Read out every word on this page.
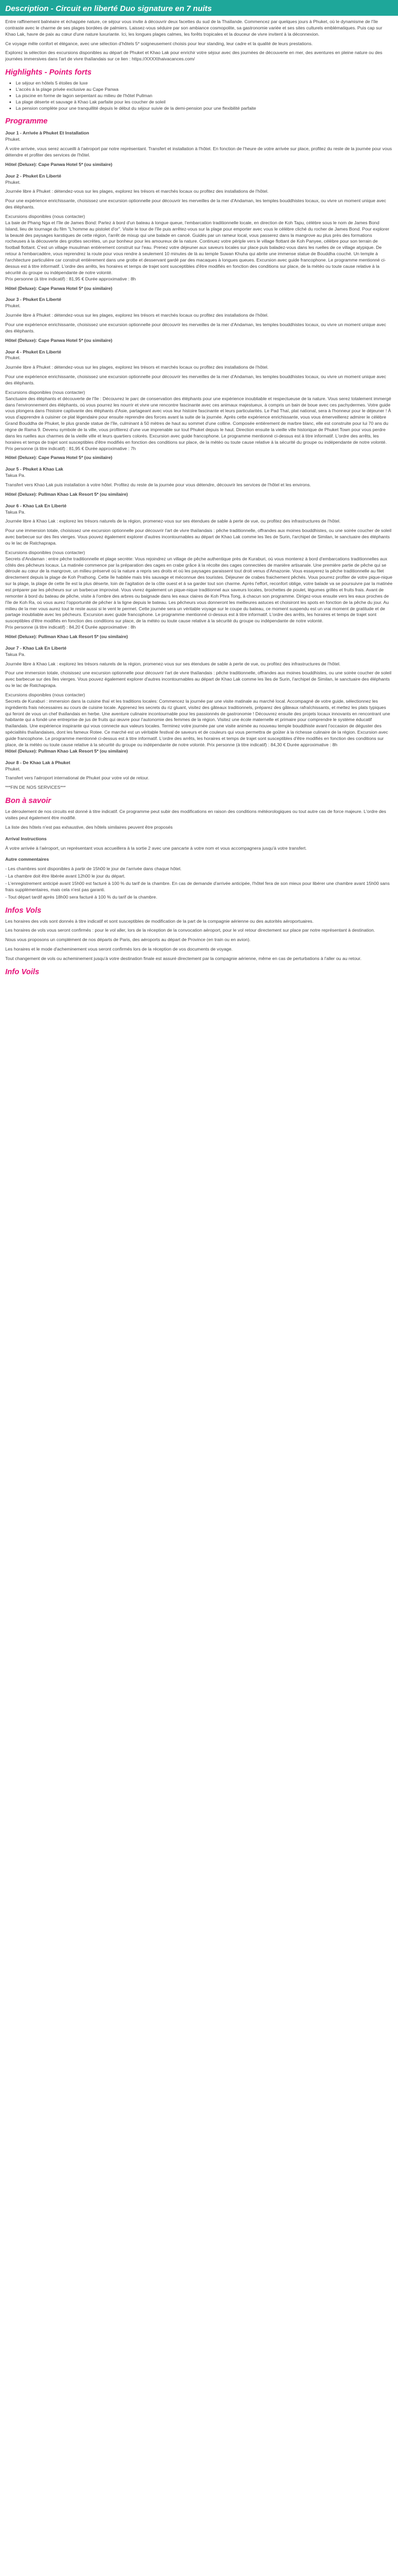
Description - Circuit en liberté Duo signature en 7 nuits

Entre raffinement balnéaire et échappée nature, ce séjour vous invite à découvrir deux facettes du sud de la Thaïlande. Commencez par quelques jours à Phuket, où le dynamisme de l'île contraste avec le charme de ses plages bordées de palmiers. Laissez-vous séduire par son ambiance cosmopolite, sa gastronomie variée et ses sites culturels emblématiques. Puis cap sur Khao Lak, havre de paix au cœur d'une nature luxuriante. Ici, les longues plages calmes, les forêts tropicales et la douceur de vivre invitent à la déconnexion.

Ce voyage mêle confort et élégance, avec une sélection d'hôtels 5* soigneusement choisis pour leur standing, leur cadre et la qualité de leurs prestations.

Explorez la sélection des excursions disponibles au départ de Phuket et Khao Lak pour enrichir votre séjour avec des journées de découverte en mer, des aventures en pleine nature ou des journées immersives dans l'art de vivre thaïlandais sur ce lien : https://XXXXthaivacances.com/

Highlights - Points forts
• Le séjour en hôtels 5 étoiles de luxe
• L'accès à la plage privée exclusive au Cape Panwa
• La piscine en forme de lagon serpentant au milieu de l'hôtel Pullman
• La plage déserte et sauvage à Khao Lak parfaite pour les coucher de soleil
• La pension complète pour une tranquillité depuis le début du séjour suivie de la demi-pension pour une flexibilité parfaite
Programme

Jour 1 - Arrivée à Phuket Et Installation

Phuket.

À votre arrivée, vous serez accueilli à l'aéroport par notre représentant. Transfert et installation à l'hôtel. En fonction de l'heure de votre arrivée sur place, profitez du reste de la journée pour vous détendre et profiter des services de l'hôtel.

Hôtel (Deluxe): Cape Panwa Hotel 5* (ou similaire)

Jour 2 - Phuket En Liberté

Phuket.

Journée libre à Phuket : détendez-vous sur les plages, explorez les trésors et marchés locaux ou profitez des installations de l'hôtel.

Pour une expérience enrichissante, choisissez une excursion optionnelle pour découvrir les merveilles de la mer d'Andaman, les temples bouddhistes locaux, ou vivre un moment unique avec des éléphants.

Excursions disponibles (nous contacter)

La baie de Phang Nga et l'île de James Bond: Partez à bord d'un bateau à longue queue, l'embarcation traditionnelle locale, en direction de Koh Tapu, célèbre sous le nom de James Bond Island, lieu de tournage du film "L'homme au pistolet d'or". Visite le tour de l'île puis arrêtez-vous sur la plage pour emporter avec vous le célèbre cliché du rocher de James Bond. Pour explorer la beauté des paysages karstiques de cette région, l'arrêt de mixup qui une balade en canoë. Guidés par un rameur local, vous passerez dans la mangrove au plus près des formations rocheuses à la découverte des grottes secrètes, un pur bonheur pour les amoureux de la nature. Continuez votre périple vers le village flottant de Koh Panyee, célèbre pour son terrain de football flottant. C'est un village musulman entièrement construit sur l'eau. Prenez votre déjeuner aux saveurs locales sur place puis baladez-vous dans les ruelles de ce village atypique. De retour à l'embarcadère, vous reprendrez la route pour vous rendre à seulement 10 minutes de là au temple Suwan Khuha qui abrite une immense statue de Bouddha couché. Un temple à l'architecture particulière car construit entièrement dans une grotte et desservant gardé par des macaques à longues queues. Excursion avec guide francophone. Le programme mentionné ci-dessus est à titre informatif. L'ordre des arrêts, les horaires et temps de trajet sont susceptibles d'être modifiés en fonction des conditions sur place, de la météo ou toute cause relative à la sécurité du groupe ou indépendante de notre volonté.

Prix personne (à titre indicatif) : 81,95 € Durée approximative : 8h

Hôtel (Deluxe): Cape Panwa Hotel 5* (ou similaire)

Jour 3 - Phuket En Liberté

Phuket.

Journée libre à Phuket : détendez-vous sur les plages, explorez les trésors et marchés locaux ou profitez des installations de l'hôtel.

Pour une expérience enrichissante, choisissez une excursion optionnelle pour découvrir les merveilles de la mer d'Andaman, les temples bouddhistes locaux, ou vivre un moment unique avec des éléphants.

Hôtel (Deluxe): Cape Panwa Hotel 5* (ou similaire)

Jour 4 - Phuket En Liberté

Phuket.

Journée libre à Phuket : détendez-vous sur les plages, explorez les trésors et marchés locaux ou profitez des installations de l'hôtel.

Pour une expérience enrichissante, choisissez une excursion optionnelle pour découvrir les merveilles de la mer d'Andaman, les temples bouddhistes locaux, ou vivre un moment unique avec des éléphants.

Excursions disponibles (nous contacter)

Sanctuaire des éléphants et découverte de l'île : Découvrez le parc de conservation des éléphants pour une expérience inoubliable et respectueuse de la nature. Vous serez totalement immergé dans l'environnement des éléphants, où vous pourrez les nourrir et vivre une rencontre fascinante avec ces animaux majestueux, à compris un bain de boue avec ces pachydermes. Votre guide vous plongera dans l'histoire captivante des éléphants d'Asie, partageant avec vous leur histoire fascinante et leurs particularités. Le Pad Thaï, plat national, sera à l'honneur pour le déjeuner ! À vous d'apprendre à cuisiner ce plat légendaire pour ensuite reprendre des forces avant la suite de la journée. Après cette expérience enrichissante, vous vous émerveillerez admirer le célèbre Grand Bouddha de Phuket, le plus grande statue de l'île, culminant à 50 mètres de haut au sommet d'une colline. Composée entièrement de marbre blanc, elle est construite pour lui 70 ans du règne de Rama 9. Devenu symbole de la ville, vous profiterez d'une vue imprenable sur tout Phuket depuis le haut. Direction ensuite la vieille ville historique de Phuket Town pour vous perdre dans les ruelles aux charmes de la vieille ville et leurs quartiers colorés. Excursion avec guide francophone. Le programme mentionné ci-dessus est à titre informatif. L'ordre des arrêts, les horaires et temps de trajet sont susceptibles d'être modifiés en fonction des conditions sur place, de la météo ou toute cause relative à la sécurité du groupe ou indépendante de notre volonté.

Prix personne (à titre indicatif) : 81,95 € Durée approximative : 7h

Hôtel (Deluxe): Cape Panwa Hotel 5* (ou similaire)

Jour 5 - Phuket à Khao Lak

Takua Pa.

Transfert vers Khao Lak puis installation à votre hôtel. Profitez du reste de la journée pour vous détendre, découvrir les services de l'hôtel et les environs.

Hôtel (Deluxe): Pullman Khao Lak Resort 5* (ou similaire)

Jour 6 - Khao Lak En Liberté

Takua Pa.

Journée libre à Khao Lak : explorez les trésors naturels de la région, promenez-vous sur ses étendues de sable à perte de vue, ou profitez des infrastructures de l'hôtel.

Pour une immersion totale, choisissez une excursion optionnelle pour découvrir l'art de vivre thaïlandais : pêche traditionnelle, offrandes aux moines bouddhistes, ou une soirée coucher de soleil avec barbecue sur des îles vierges. Vous pouvez également explorer d'autres incontournables au départ de Khao Lak comme les îles de Surin, l'archipel de Similan, le sanctuaire des éléphants ou le lac de Ratchaprapa.

Excursions disponibles (nous contacter)

Secrets d'Andaman : entre pêche traditionnelle et plage secrète: Vous rejoindrez un village de pêche authentique près de Kuraburi, où vous monterez à bord d'embarcations traditionnelles aux côtés des pêcheurs locaux. La matinée commence par la préparation des cages en crabe grâce à la récolte des cages connectées de manière artisanale. Une première partie de pêche qui se déroule au cœur de la mangrove, un milieu préservé où la nature a repris ses droits et où les paysages paraissent tout droit venus d'Amazonie. Vous essayerez la pêche traditionnelle au filet directement depuis la plage de Koh Prathong. Cette île habitée mais très sauvage et méconnue des touristes. Déjeuner de crabes fraichement pêchés. Vous pourrez profiter de votre pique-nique sur la plage, la plage de cette île est la plus déserte, loin de l'agitation de la côte ouest et à sa garder tout son charme. Après l'effort, reconfort oblige, votre balade va se poursuivre par la matinée est préparer par les pêcheurs sur un barbecue improvisé. Vous vivrez également un pique-nique traditionnel aux saveurs locales, brochettes de poulet, légumes grillés et fruits frais. Avant de remonter à bord du bateau de pêche, visite à l'ombre des arbres ou baignade dans les eaux claires de Koh Phra Tong, à chacun son programme. Dirigez-vous ensuite vers les eaux proches de l'île de Koh Ra, où vous aurez l'opportunité de pêcher à la ligne depuis le bateau. Les pêcheurs vous donneront les meilleures astuces et choisiront les spots en fonction de la pêche du jour. Au milieu de la mer vous aurez tout le reste aussi si le vent le permet. Cette journée sera un véritable voyage sur le coupe du bateau, ce moment suspendu est un vrai moment de gratitude et de partage inoubliable avec les pêcheurs. Excursion avec guide francophone. Le programme mentionné ci-dessus est à titre informatif. L'ordre des arrêts, les horaires et temps de trajet sont susceptibles d'être modifiés en fonction des conditions sur place, de la météo ou toute cause relative à la sécurité du groupe ou indépendante de notre volonté.

Prix personne (à titre indicatif) : 84,20 € Durée approximative : 8h

Hôtel (Deluxe): Pullman Khao Lak Resort 5* (ou similaire)

Jour 7 - Khao Lak En Liberté

Takua Pa.

Journée libre à Khao Lak : explorez les trésors naturels de la région, promenez-vous sur ses étendues de sable à perte de vue, ou profitez des infrastructures de l'hôtel.

Pour une immersion totale, choisissez une excursion optionnelle pour découvrir l'art de vivre thaïlandais : pêche traditionnelle, offrandes aux moines bouddhistes, ou une soirée coucher de soleil avec barbecue sur des îles vierges. Vous pouvez également explorer d'autres incontournables au départ de Khao Lak comme les îles de Surin, l'archipel de Similan, le sanctuaire des éléphants ou le lac de Ratchaprapa.

Excursions disponibles (nous contacter)

Secrets de Kuraburi : immersion dans la cuisine thaï et les traditions locales: Commencez la journée par une visite matinale au marché local. Accompagné de votre guide, sélectionnez les ingrédients frais nécessaires au cours de cuisine locale. Apprenez les secrets du riz gluant, visitez des gâteaux traditionnels, préparez des gâteaux rafraîchissants, et mettez les plats typiques qui feront de vous un chef thaïlandais en herbe. Une aventure culinaire incontournable pour les passionnés de gastronomie ! Découvrez ensuite des projets locaux innovants en rencontrant une habitante qui a fondé une entreprise de jus de fruits qui œuvre pour l'autonomie des femmes de la région. Visitez une école maternelle et primaire pour comprendre le système éducatif thaïlandais. Une expérience inspirante qui vous connecte aux valeurs locales. Terminez votre journée par une visite animée au nouveau temple bouddhiste avant l'occasion de déguster des spécialités thaïlandaises, dont les fameux Rotee. Ce marché est un véritable festival de saveurs et de couleurs qui vous permettra de goûter à la richesse culinaire de la région. Excursion avec guide francophone. Le programme mentionné ci-dessus est à titre informatif. L'ordre des arrêts, les horaires et temps de trajet sont susceptibles d'être modifiés en fonction des conditions sur place, de la météo ou toute cause relative à la sécurité du groupe ou indépendante de notre volonté. Prix personne (à titre indicatif) : 84,30 € Durée approximative : 8h

Hôtel (Deluxe): Pullman Khao Lak Resort 5* (ou similaire)

Jour 8 - De Khao Lak à Phuket

Phuket.

Transfert vers l'aéroport international de Phuket pour votre vol de retour.

***FIN DE NOS SERVICES***

Bon à savoir

Le déroulement de nos circuits est donné à titre indicatif. Ce programme peut subir des modifications en raison des conditions météorologiques ou tout autre cas de force majeure. L'ordre des visites peut également être modifié.

La liste des hôtels n'est pas exhaustive, des hôtels similaires peuvent être proposés

Arrival Instructions

À votre arrivée à l'aéroport, un représentant vous accueillera à la sortie 2 avec une pancarte à votre nom et vous accompagnera jusqu'à votre transfert.

Autre commentaires

- Les chambres sont disponibles à partir de 15h00 le jour de l'arrivée dans chaque hôtel.

- La chambre doit être libérée avant 12h00 le jour du départ.

- L'enregistrement anticipé avant 15h00 est facturé à 100 % du tarif de la chambre. En cas de demande d'arrivée anticipée, l'hôtel fera de son mieux pour libérer une chambre avant 15h00 sans frais supplémentaires, mais cela n'est pas garanti.

- Tout départ tardif après 18h00 sera facturé à 100 % du tarif de la chambre.

Infos Vols

Les horaires des vols sont donnés à titre indicatif et sont susceptibles de modification de la part de la compagnie aérienne ou des autorités aéroportuaires.

Les horaires de vols vous seront confirmés : pour le vol aller, lors de la réception de la convocation aéroport, pour le vol retour directement sur place par notre représentant à destination.

Nous vous proposons un complément de nos départs de Paris, des aéroports au départ de Province (en train ou en avion).

Les horaires et le mode d'acheminement vous seront confirmés lors de la réception de vos documents de voyage.

Tout changement de vols ou acheminement jusqu'à votre destination finale est assuré directement par la compagnie aérienne, même en cas de perturbations à l'aller ou au retour.

Info Voils
